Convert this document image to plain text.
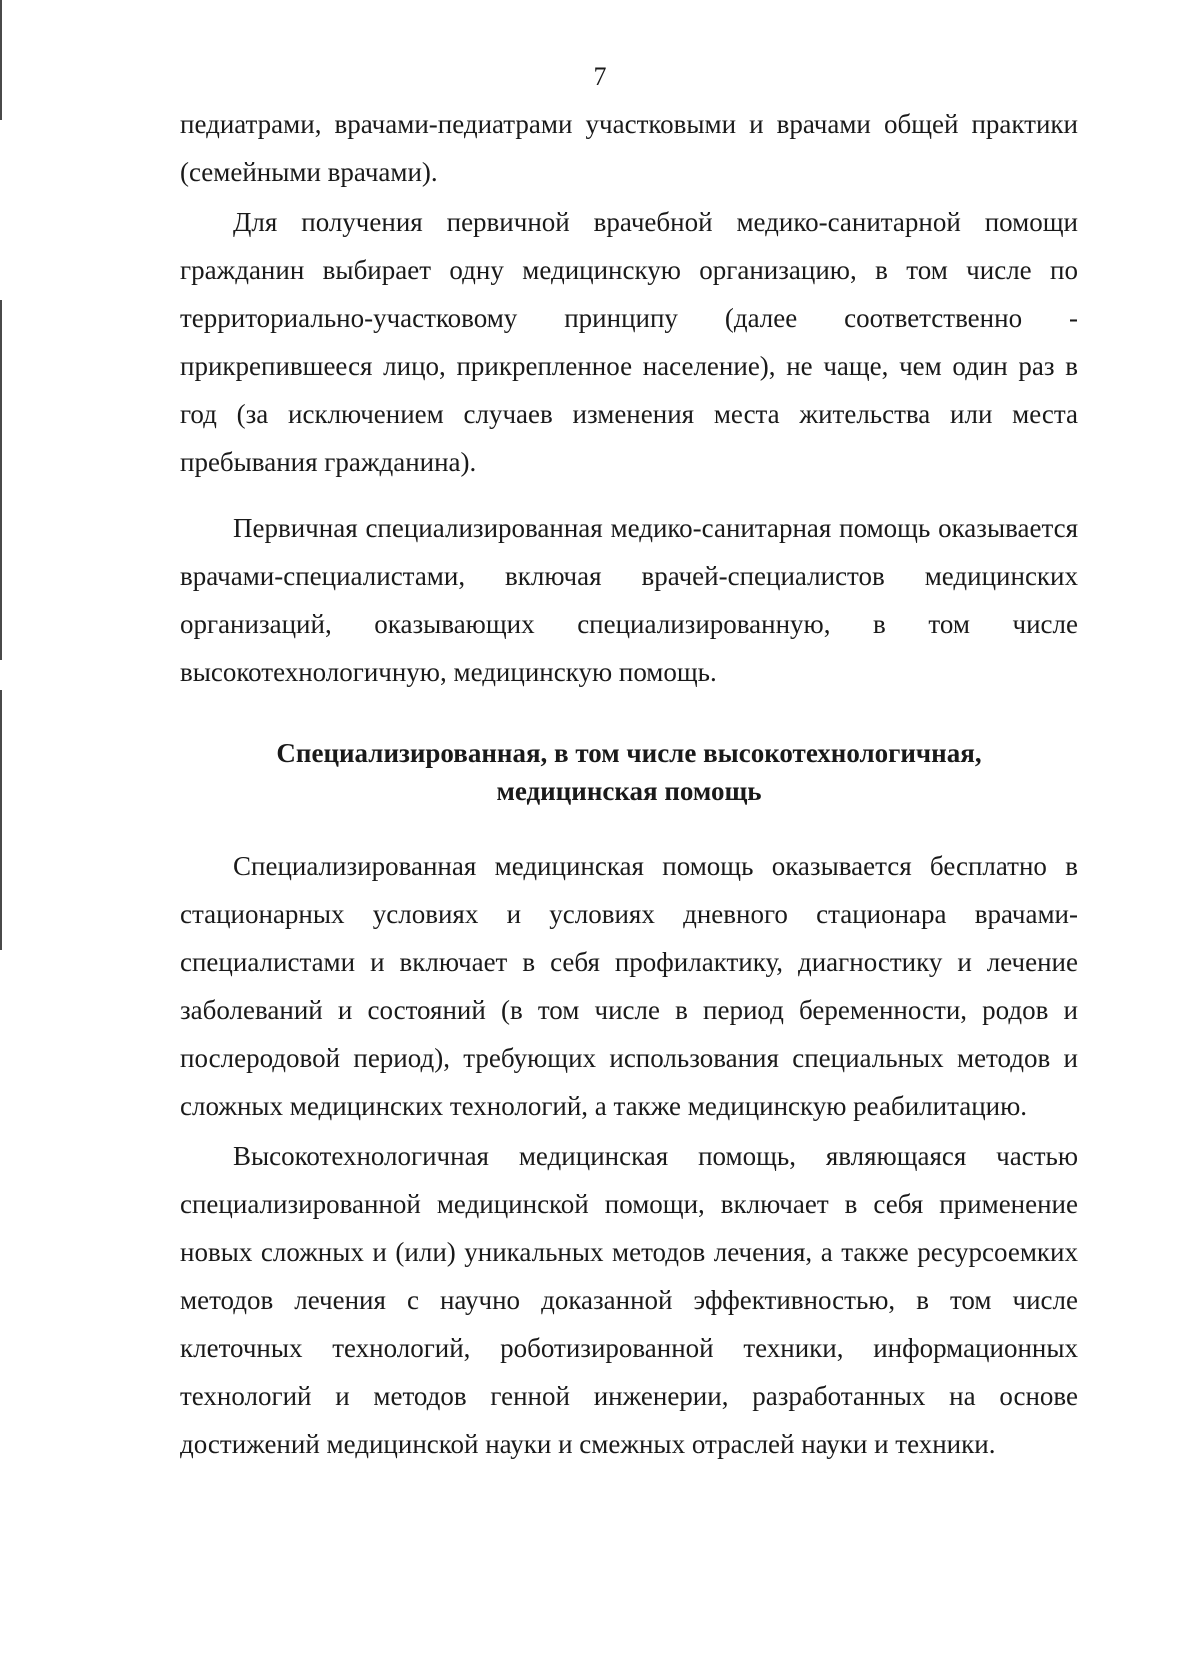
7

педиатрами, врачами-педиатрами участковыми и врачами общей практики (семейными врачами).

Для получения первичной врачебной медико-санитарной помощи гражданин выбирает одну медицинскую организацию, в том числе по территориально-участковому принципу (далее соответственно - прикрепившееся лицо, прикрепленное население), не чаще, чем один раз в год (за исключением случаев изменения места жительства или места пребывания гражданина).

Первичная специализированная медико-санитарная помощь оказывается врачами-специалистами, включая врачей-специалистов медицинских организаций, оказывающих специализированную, в том числе высокотехнологичную, медицинскую помощь.

Специализированная, в том числе высокотехнологичная,
медицинская помощь

Специализированная медицинская помощь оказывается бесплатно в стационарных условиях и условиях дневного стационара врачами-специалистами и включает в себя профилактику, диагностику и лечение заболеваний и состояний (в том числе в период беременности, родов и послеродовой период), требующих использования специальных методов и сложных медицинских технологий, а также медицинскую реабилитацию.

Высокотехнологичная медицинская помощь, являющаяся частью специализированной медицинской помощи, включает в себя применение новых сложных и (или) уникальных методов лечения, а также ресурсоемких методов лечения с научно доказанной эффективностью, в том числе клеточных технологий, роботизированной техники, информационных технологий и методов генной инженерии, разработанных на основе достижений медицинской науки и смежных отраслей науки и техники.
